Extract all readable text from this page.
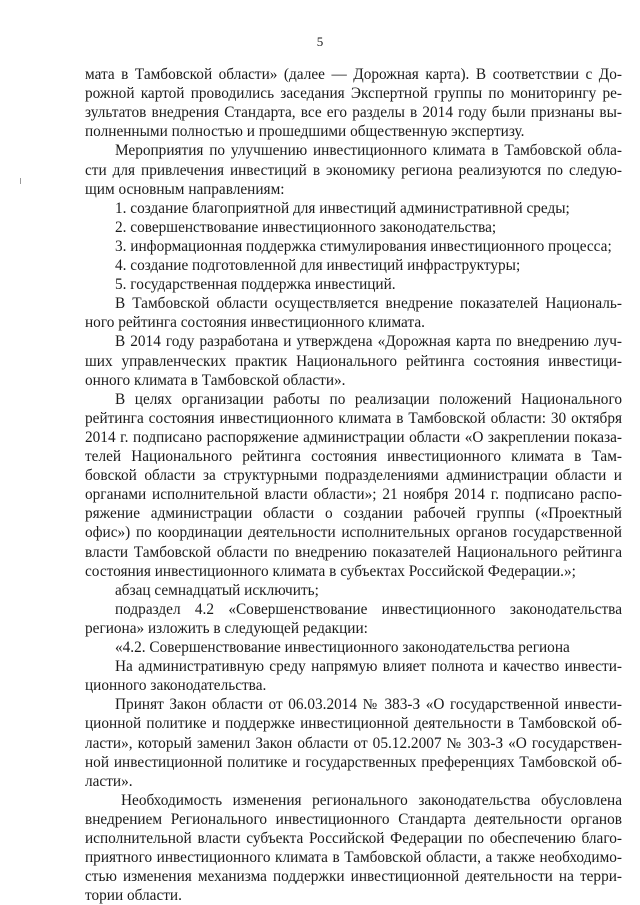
5
мата в Тамбовской области» (далее — Дорожная карта). В соответствии с До-
рожной картой проводились заседания Экспертной группы по мониторингу ре-
зультатов внедрения Стандарта, все его разделы в 2014 году были признаны вы-
полненными полностью и прошедшими общественную экспертизу.
Мероприятия по улучшению инвестиционного климата в Тамбовской обла-
сти для привлечения инвестиций в экономику региона реализуются по следую-
щим основным направлениям:
1. создание благоприятной для инвестиций административной среды;
2. совершенствование инвестиционного законодательства;
3. информационная поддержка стимулирования инвестиционного процесса;
4. создание подготовленной для инвестиций инфраструктуры;
5. государственная поддержка инвестиций.
В Тамбовской области осуществляется внедрение показателей Националь-
ного рейтинга состояния инвестиционного климата.
В 2014 году разработана и утверждена «Дорожная карта по внедрению луч-
ших управленческих практик Национального рейтинга состояния инвестици-
онного климата в Тамбовской области».
В целях организации работы по реализации положений Национального
рейтинга состояния инвестиционного климата в Тамбовской области: 30 октября
2014 г. подписано распоряжение администрации области «О закреплении показа-
телей Национального рейтинга состояния инвестиционного климата в Там-
бовской области за структурными подразделениями администрации области и
органами исполнительной власти области»; 21 ноября 2014 г. подписано распо-
ряжение администрации области о создании рабочей группы («Проектный
офис») по координации деятельности исполнительных органов государственной
власти Тамбовской области по внедрению показателей Национального рейтинга
состояния инвестиционного климата в субъектах Российской Федерации.»;
абзац семнадцатый исключить;
подраздел 4.2 «Совершенствование инвестиционного законодательства
региона» изложить в следующей редакции:
«4.2. Совершенствование инвестиционного законодательства региона
На административную среду напрямую влияет полнота и качество инвести-
ционного законодательства.
Принят Закон области от 06.03.2014 № 383-З «О государственной инвести-
ционной политике и поддержке инвестиционной деятельности в Тамбовской об-
ласти», который заменил Закон области от 05.12.2007 № 303-З «О государствен-
ной инвестиционной политике и государственных преференциях Тамбовской об-
ласти».
Необходимость изменения регионального законодательства обусловлена
внедрением Регионального инвестиционного Стандарта деятельности органов
исполнительной власти субъекта Российской Федерации по обеспечению благо-
приятного инвестиционного климата в Тамбовской области, а также необходимо-
стью изменения механизма поддержки инвестиционной деятельности на терри-
тории области.
